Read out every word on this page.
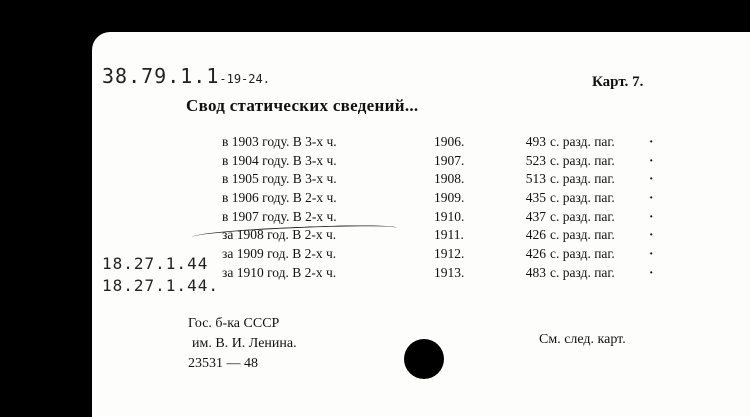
38.79.1.1-19-24.	Карт. 7.
Свод статических сведений...
в 1903 году. В 3-х ч.	1906.	493 с. разд. паг.	·
в 1904 году. В 3-х ч.	1907.	523 с. разд. паг.	·
в 1905 году. В 3-х ч.	1908.	513 с. разд. паг.	·
в 1906 году. В 2-х ч.	1909.	435 с. разд. паг.	·
в 1907 году. В 2-х ч.	1910.	437 с. разд. паг.	·
за 1908 год. В 2-х ч.	1911.	426 с. разд. паг.	·
за 1909 год. В 2-х ч.	1912.	426 с. разд. паг.	·
за 1910 год. В 2-х ч.	1913.	483 с. разд. паг.	·
18.27.1.44
18.27.1.44.
Гос. б-ка СССР
им. В. И. Ленина.
23531 — 48
См. след. карт.
